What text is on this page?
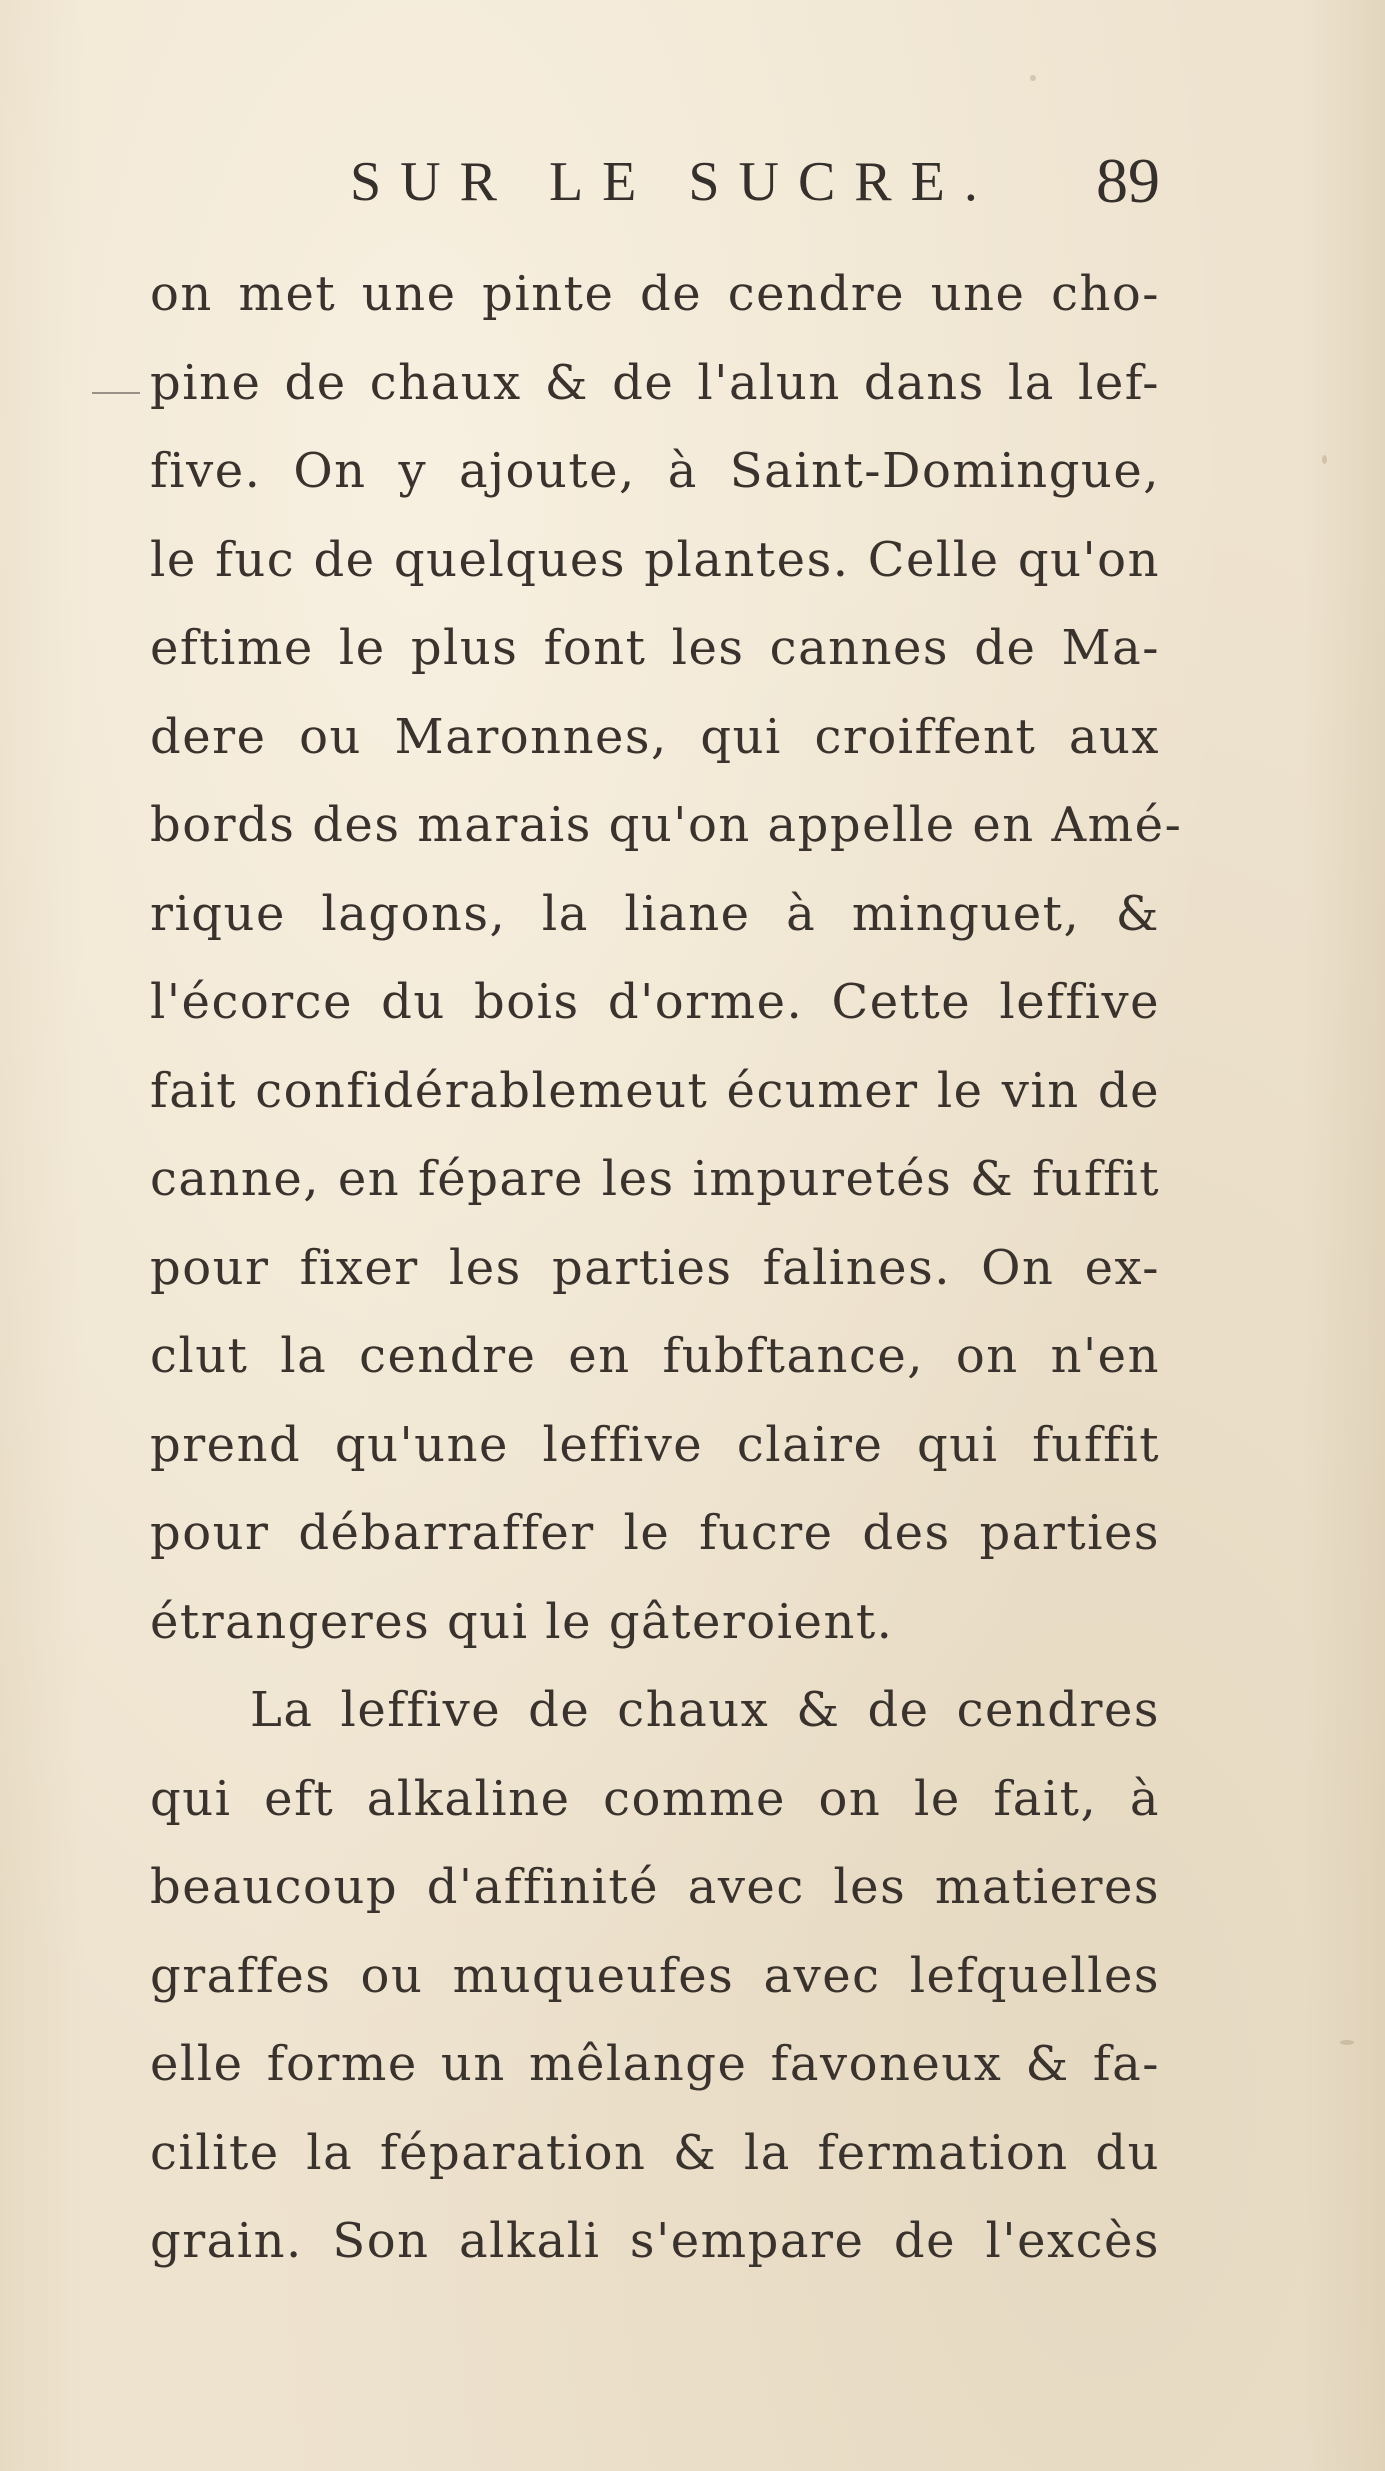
SUR LE SUCRE. 89
on met une pinte de cendre une cho-
pine de chaux & de l'alun dans la lef-
five. On y ajoute, à Saint-Domingue,
le fuc de quelques plantes. Celle qu'on
eftime le plus font les cannes de Ma-
dere ou Maronnes, qui croiffent aux
bords des marais qu'on appelle en Amé-
rique lagons, la liane à minguet, &
l'écorce du bois d'orme. Cette leffive
fait confidérablemeut écumer le vin de
canne, en fépare les impuretés & fuffit
pour fixer les parties falines. On ex-
clut la cendre en fubftance, on n'en
prend qu'une leffive claire qui fuffit
pour débarraffer le fucre des parties
étrangeres qui le gâteroient.
La leffive de chaux & de cendres
qui eft alkaline comme on le fait, à
beaucoup d'affinité avec les matieres
graffes ou muqueufes avec lefquelles
elle forme un mêlange favoneux & fa-
cilite la féparation & la fermation du
grain. Son alkali s'empare de l'excès
